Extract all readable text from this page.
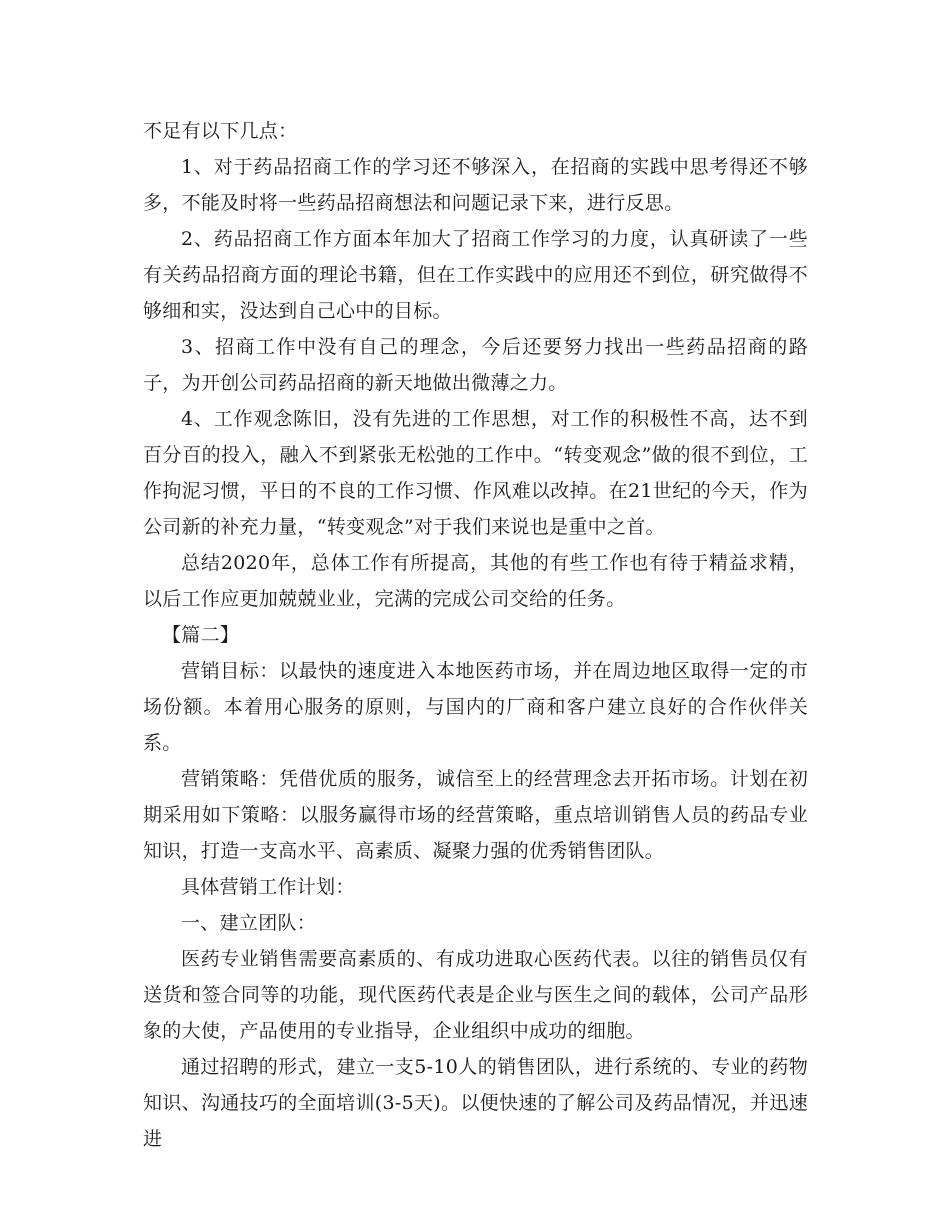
不足有以下几点：

1、对于药品招商工作的学习还不够深入，在招商的实践中思考得还不够多，不能及时将一些药品招商想法和问题记录下来，进行反思。

2、药品招商工作方面本年加大了招商工作学习的力度，认真研读了一些有关药品招商方面的理论书籍，但在工作实践中的应用还不到位，研究做得不够细和实，没达到自己心中的目标。

3、招商工作中没有自己的理念，今后还要努力找出一些药品招商的路子，为开创公司药品招商的新天地做出微薄之力。

4、工作观念陈旧，没有先进的工作思想，对工作的积极性不高，达不到百分百的投入，融入不到紧张无松弛的工作中。“转变观念”做的很不到位，工作拘泥习惯，平日的不良的工作习惯、作风难以改掉。在21世纪的今天，作为公司新的补充力量，“转变观念”对于我们来说也是重中之首。

总结2020年，总体工作有所提高，其他的有些工作也有待于精益求精，以后工作应更加兢兢业业，完满的完成公司交给的任务。

【篇二】

营销目标：以最快的速度进入本地医药市场，并在周边地区取得一定的市场份额。本着用心服务的原则，与国内的厂商和客户建立良好的合作伙伴关系。

营销策略：凭借优质的服务，诚信至上的经营理念去开拓市场。计划在初期采用如下策略：以服务赢得市场的经营策略，重点培训销售人员的药品专业知识，打造一支高水平、高素质、凝聚力强的优秀销售团队。

具体营销工作计划：

一、建立团队：

医药专业销售需要高素质的、有成功进取心医药代表。以往的销售员仅有送货和签合同等的功能，现代医药代表是企业与医生之间的载体，公司产品形象的大使，产品使用的专业指导，企业组织中成功的细胞。

通过招聘的形式，建立一支5-10人的销售团队，进行系统的、专业的药物知识、沟通技巧的全面培训(3-5天)。以便快速的了解公司及药品情况，并迅速进
